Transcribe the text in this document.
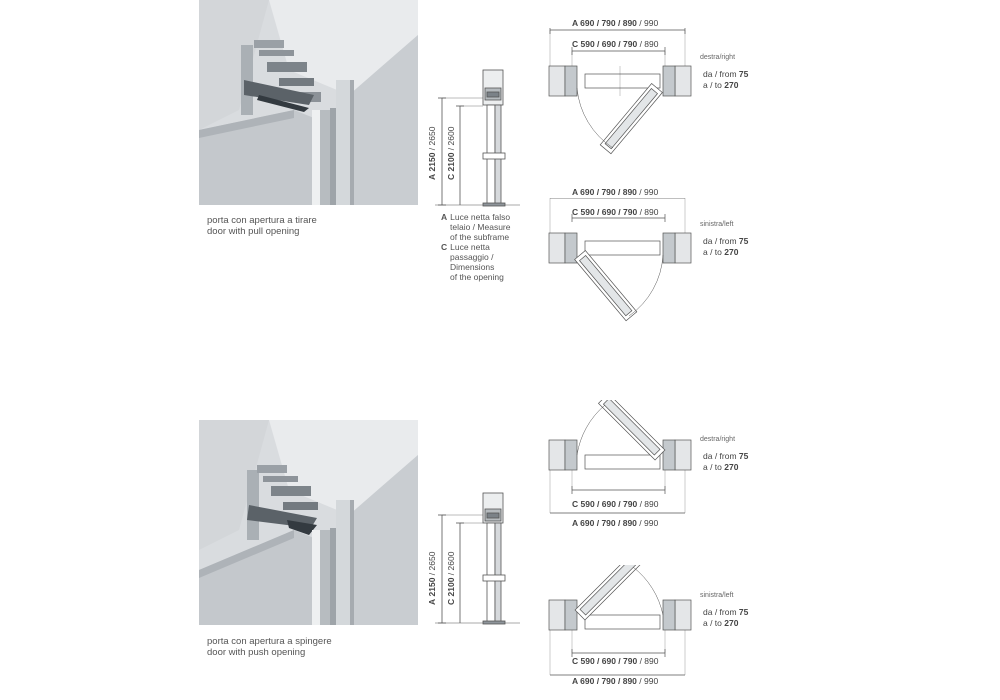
porta con apertura a tirare
door with pull opening
A 2150 / 2650
C 2100 / 2600
A Luce netta falso
telaio / Measure
of the subframe
C Luce netta
passaggio /
Dimensions
of the opening
A 690 / 790 / 890 / 990
C 590 / 690 / 790 / 890
destra/right
da / from 75
a / to 270
A 690 / 790 / 890 / 990
C 590 / 690 / 790 / 890
sinistra/left
da / from 75
a / to 270
porta con apertura a spingere
door with push opening
A 2150 / 2650
C 2100 / 2600
destra/right
da / from 75
a / to 270
C 590 / 690 / 790 / 890
A 690 / 790 / 890 / 990
sinistra/left
da / from 75
a / to 270
C 590 / 690 / 790 / 890
A 690 / 790 / 890 / 990
